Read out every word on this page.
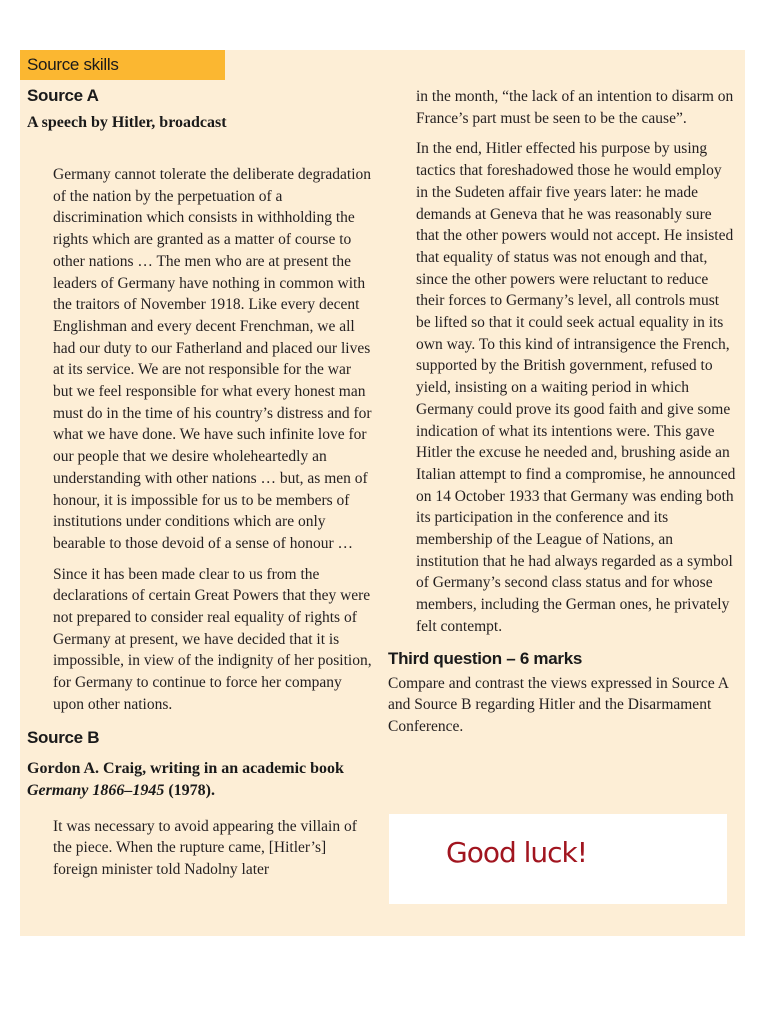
Source skills
Source A

A speech by Hitler, broadcast

Germany cannot tolerate the deliberate degradation of the nation by the perpetuation of a discrimination which consists in withholding the rights which are granted as a matter of course to other nations … The men who are at present the leaders of Germany have nothing in common with the traitors of November 1918. Like every decent Englishman and every decent Frenchman, we all had our duty to our Fatherland and placed our lives at its service. We are not responsible for the war but we feel responsible for what every honest man must do in the time of his country’s distress and for what we have done. We have such infinite love for our people that we desire wholeheartedly an understanding with other nations … but, as men of honour, it is impossible for us to be members of institutions under conditions which are only bearable to those devoid of a sense of honour …

Since it has been made clear to us from the declarations of certain Great Powers that they were not prepared to consider real equality of rights of Germany at present, we have decided that it is impossible, in view of the indignity of her position, for Germany to continue to force her company upon other nations.

Source B

Gordon A. Craig, writing in an academic book Germany 1866–1945 (1978).

It was necessary to avoid appearing the villain of the piece. When the rupture came, [Hitler’s] foreign minister told Nadolny later

in the month, “the lack of an intention to disarm on France’s part must be seen to be the cause”.

In the end, Hitler effected his purpose by using tactics that foreshadowed those he would employ in the Sudeten affair five years later: he made demands at Geneva that he was reasonably sure that the other powers would not accept. He insisted that equality of status was not enough and that, since the other powers were reluctant to reduce their forces to Germany’s level, all controls must be lifted so that it could seek actual equality in its own way. To this kind of intransigence the French, supported by the British government, refused to yield, insisting on a waiting period in which Germany could prove its good faith and give some indication of what its intentions were. This gave Hitler the excuse he needed and, brushing aside an Italian attempt to find a compromise, he announced on 14 October 1933 that Germany was ending both its participation in the conference and its membership of the League of Nations, an institution that he had always regarded as a symbol of Germany’s second class status and for whose members, including the German ones, he privately felt contempt.

Third question – 6 marks

Compare and contrast the views expressed in Source A and Source B regarding Hitler and the Disarmament Conference.

Good luck!
